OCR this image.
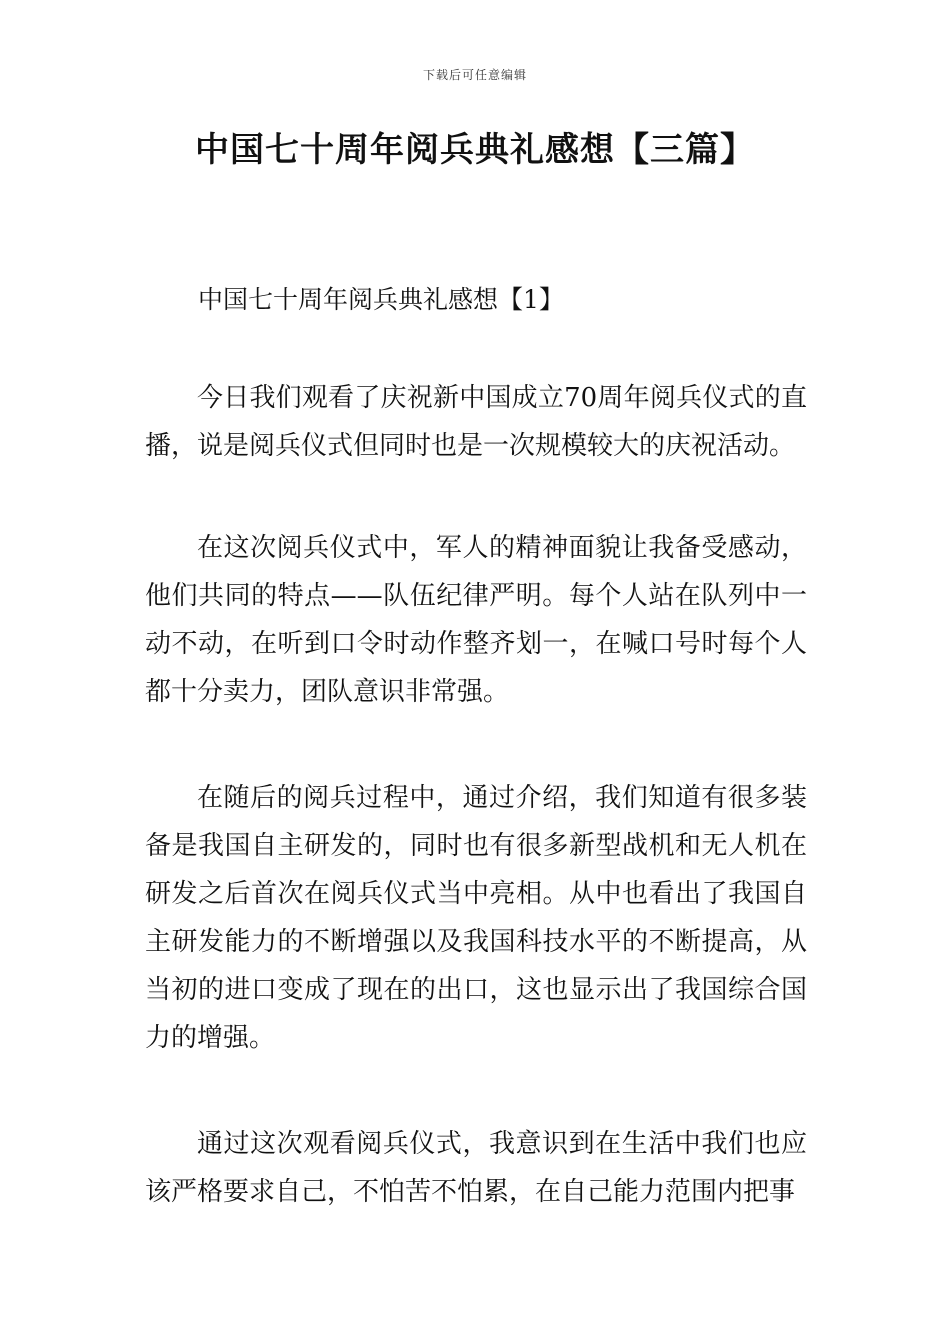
下载后可任意编辑
中国七十周年阅兵典礼感想【三篇】
中国七十周年阅兵典礼感想【1】

今日我们观看了庆祝新中国成立70周年阅兵仪式的直播，说是阅兵仪式但同时也是一次规模较大的庆祝活动。

在这次阅兵仪式中，军人的精神面貌让我备受感动，他们共同的特点——队伍纪律严明。每个人站在队列中一动不动，在听到口令时动作整齐划一，在喊口号时每个人都十分卖力，团队意识非常强。

在随后的阅兵过程中，通过介绍，我们知道有很多装备是我国自主研发的，同时也有很多新型战机和无人机在研发之后首次在阅兵仪式当中亮相。从中也看出了我国自主研发能力的不断增强以及我国科技水平的不断提高，从当初的进口变成了现在的出口，这也显示出了我国综合国力的增强。

通过这次观看阅兵仪式，我意识到在生活中我们也应该严格要求自己，不怕苦不怕累，在自己能力范围内把事
